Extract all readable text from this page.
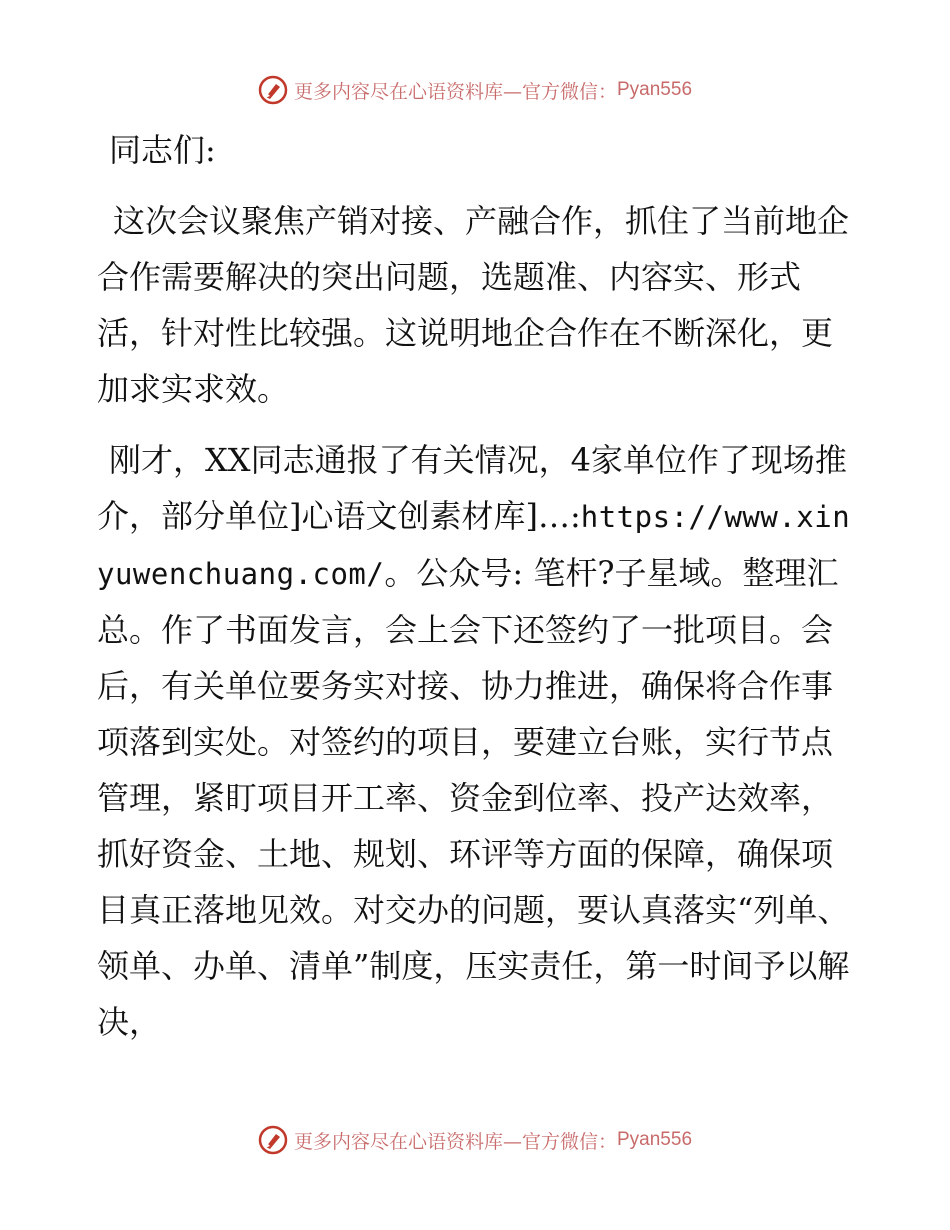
更多内容尽在心语资料库—官方微信： Pyan556

同志们:

这次会议聚焦产销对接、产融合作，抓住了当前地企合作需要解决的突出问题，选题准、内容实、形式活，针对性比较强。这说明地企合作在不断深化，更加求实求效。

刚才，XX同志通报了有关情况，4家单位作了现场推介，部分单位]心语文创素材库]…:https://www.xinyuwenchuang.com/。公众号: 笔杆?子星域。整理汇总。作了书面发言，会上会下还签约了一批项目。会后，有关单位要务实对接、协力推进，确保将合作事项落到实处。对签约的项目，要建立台账，实行节点管理，紧盯项目开工率、资金到位率、投产达效率，抓好资金、土地、规划、环评等方面的保障，确保项目真正落地见效。对交办的问题，要认真落实“列单、领单、办单、清单”制度，压实责任，第一时间予以解决，

更多内容尽在心语资料库—官方微信： Pyan556
